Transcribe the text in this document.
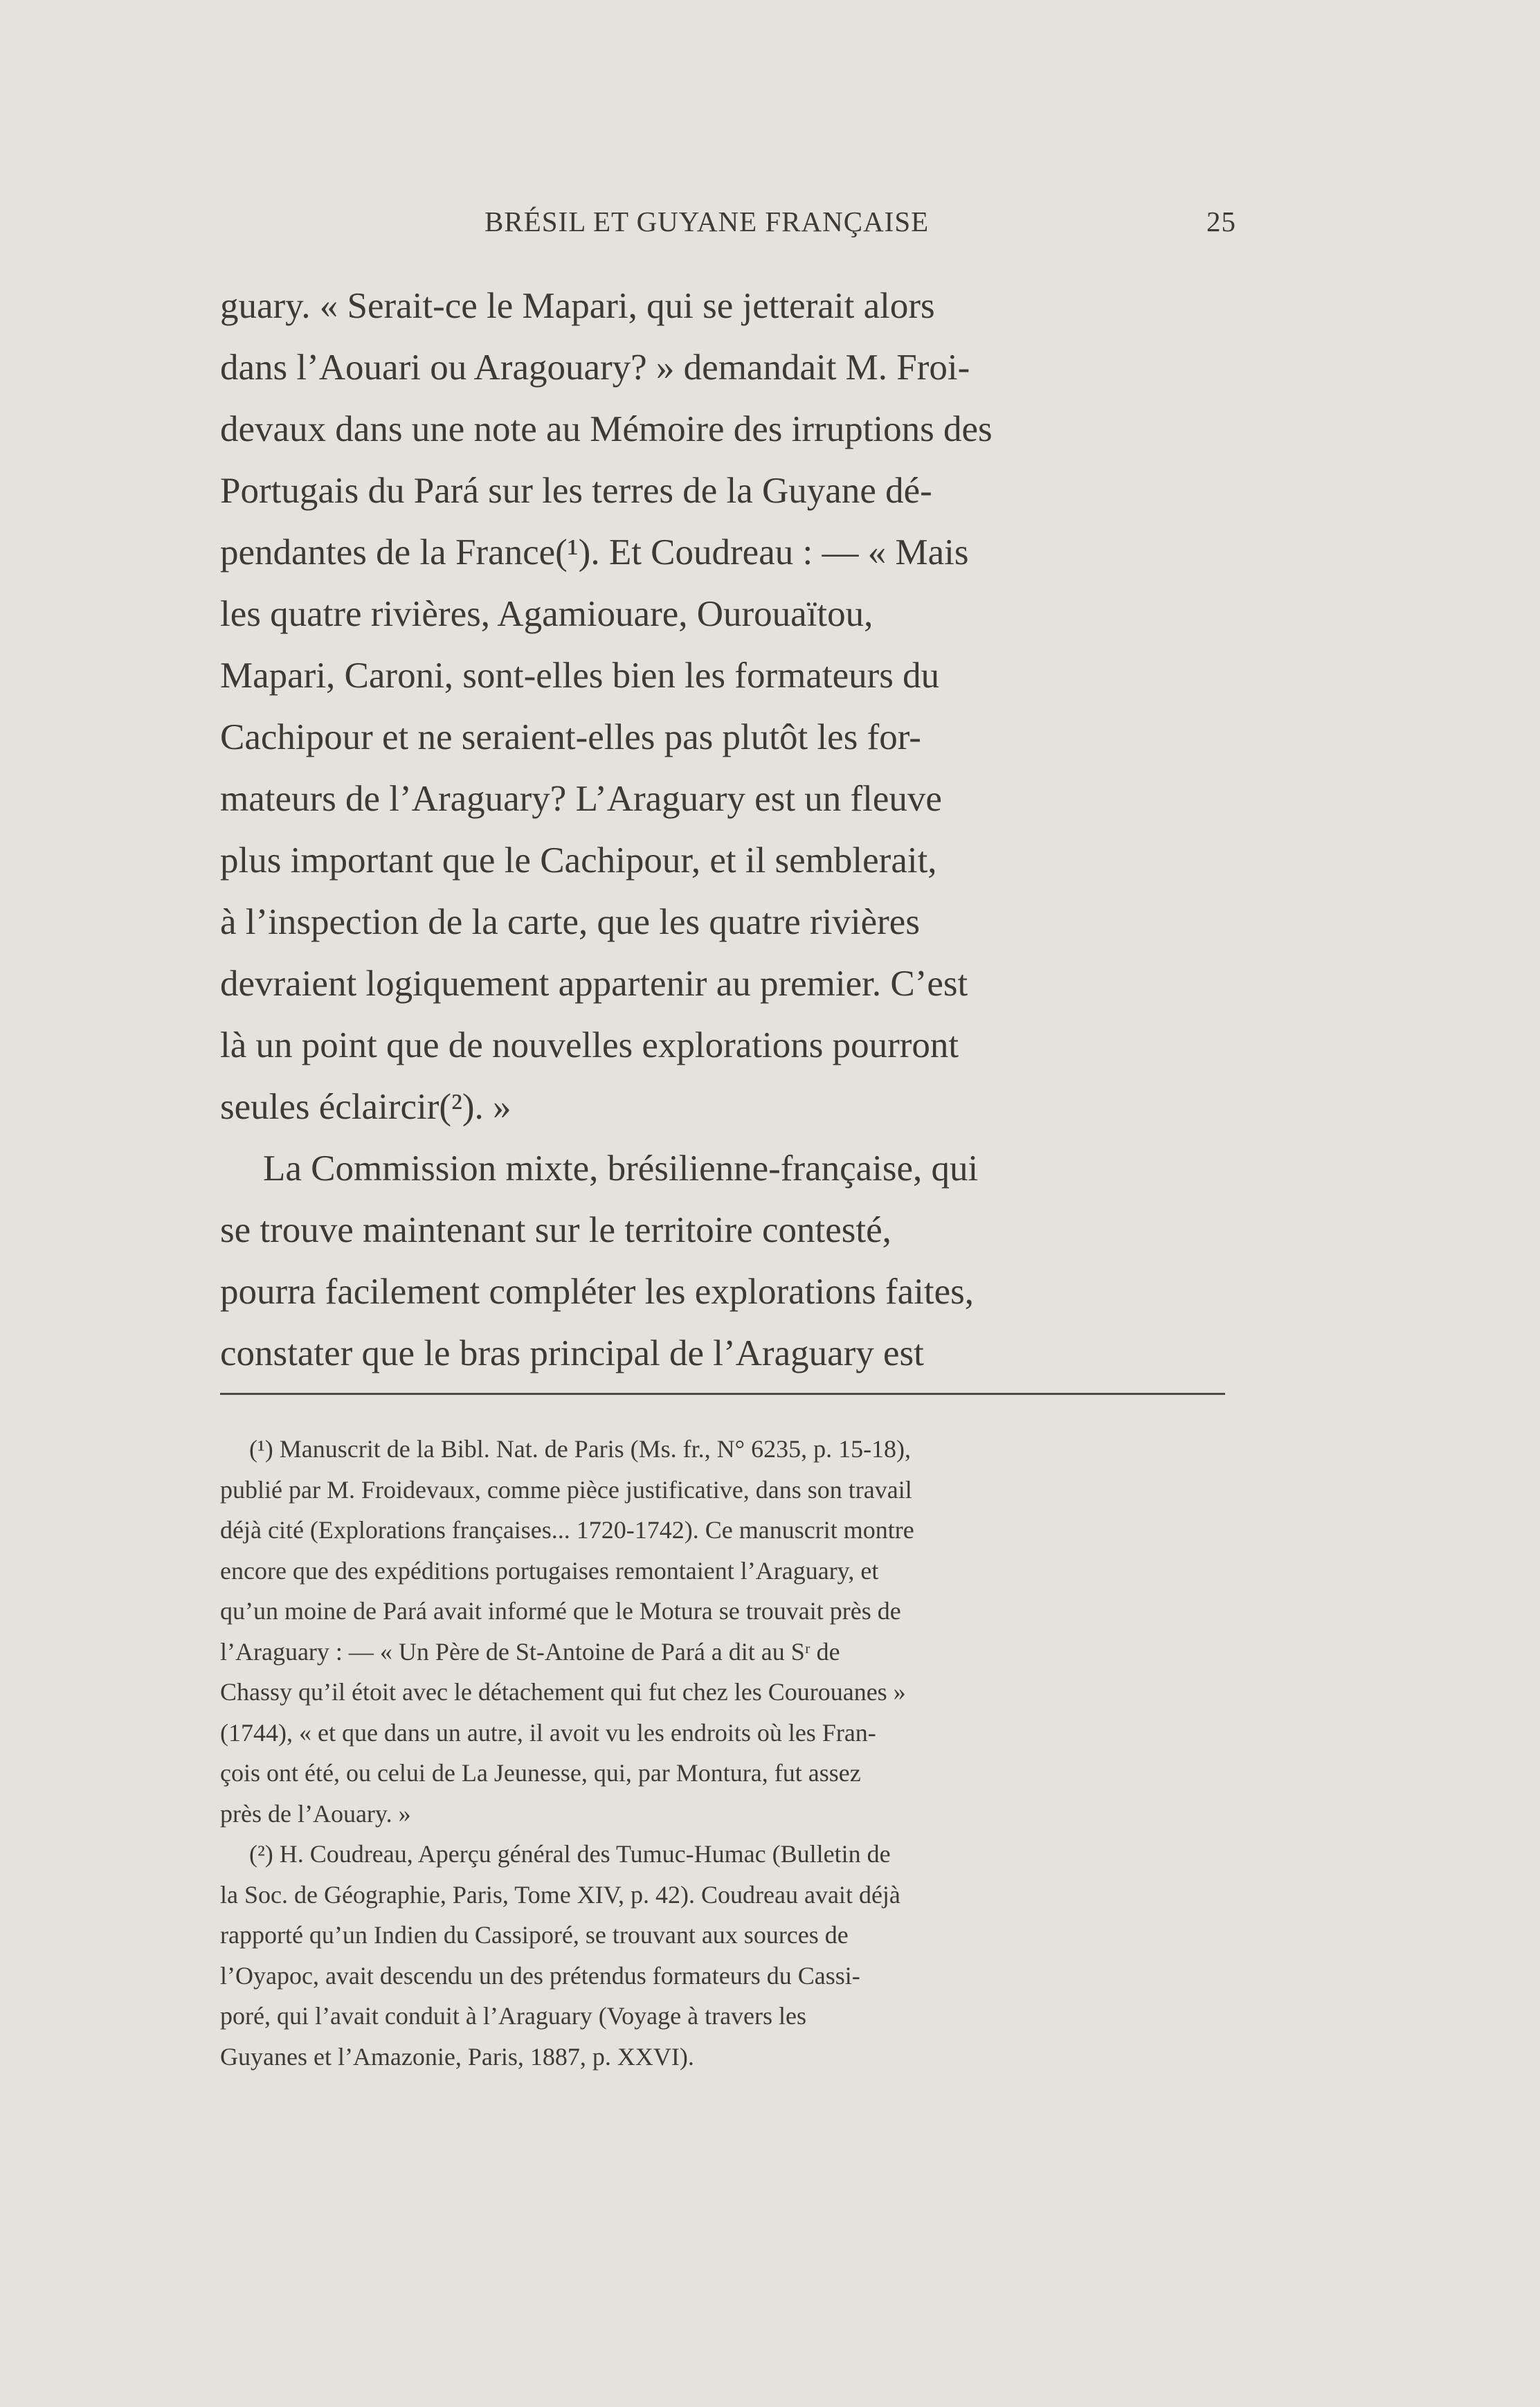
BRÉSIL ET GUYANE FRANÇAISE	25
guary. « Serait-ce le Mapari, qui se jetterait alors
dans l’Aouari ou Aragouary? » demandait M. Froi-
devaux dans une note au Mémoire des irruptions des
Portugais du Pará sur les terres de la Guyane dé-
pendantes de la France(¹). Et Coudreau : — « Mais
les quatre rivières, Agamiouare, Ourouaïtou,
Mapari, Caroni, sont-elles bien les formateurs du
Cachipour et ne seraient-elles pas plutôt les for-
mateurs de l’Araguary? L’Araguary est un fleuve
plus important que le Cachipour, et il semblerait,
à l’inspection de la carte, que les quatre rivières
devraient logiquement appartenir au premier. C’est
là un point que de nouvelles explorations pourront
seules éclaircir(²). »
La Commission mixte, brésilienne-française, qui
se trouve maintenant sur le territoire contesté,
pourra facilement compléter les explorations faites,
constater que le bras principal de l’Araguary est
(¹) Manuscrit de la Bibl. Nat. de Paris (Ms. fr., N° 6235, p. 15-18),
publié par M. Froidevaux, comme pièce justificative, dans son travail
déjà cité (Explorations françaises... 1720-1742). Ce manuscrit montre
encore que des expéditions portugaises remontaient l’Araguary, et
qu’un moine de Pará avait informé que le Motura se trouvait près de
l’Araguary : — « Un Père de St-Antoine de Pará a dit au Sʳ de
Chassy qu’il étoit avec le détachement qui fut chez les Courouanes »
(1744), « et que dans un autre, il avoit vu les endroits où les Fran-
çois ont été, ou celui de La Jeunesse, qui, par Montura, fut assez
près de l’Aouary. »
(²) H. Coudreau, Aperçu général des Tumuc-Humac (Bulletin de
la Soc. de Géographie, Paris, Tome XIV, p. 42). Coudreau avait déjà
rapporté qu’un Indien du Cassiporé, se trouvant aux sources de
l’Oyapoc, avait descendu un des prétendus formateurs du Cassi-
poré, qui l’avait conduit à l’Araguary (Voyage à travers les
Guyanes et l’Amazonie, Paris, 1887, p. XXVI).
